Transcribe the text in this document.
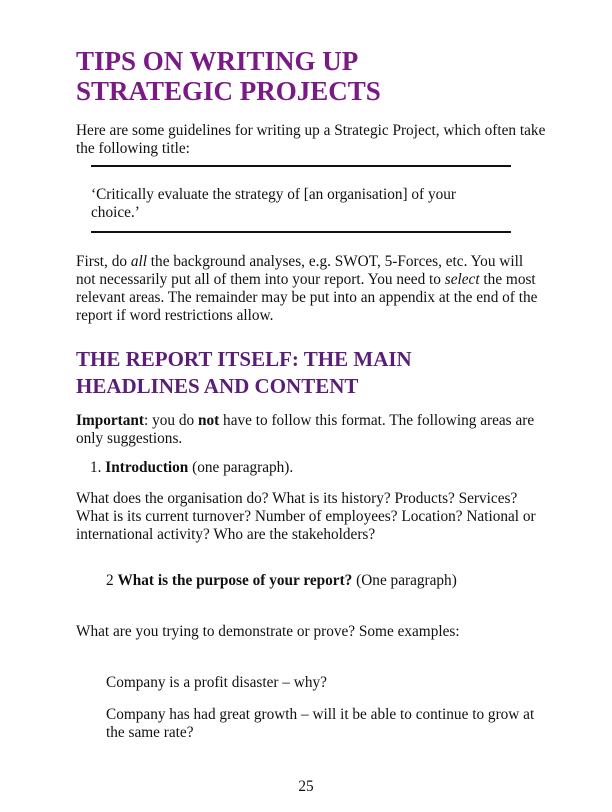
TIPS ON WRITING UP
STRATEGIC PROJECTS
Here are some guidelines for writing up a Strategic Project, which often take the following title:
‘Critically evaluate the strategy of [an organisation] of your
choice.’
First, do all the background analyses, e.g. SWOT, 5-Forces, etc. You will not necessarily put all of them into your report. You need to select the most relevant areas. The remainder may be put into an appendix at the end of the report if word restrictions allow.
THE REPORT ITSELF: THE MAIN
HEADLINES AND CONTENT
Important: you do not have to follow this format. The following areas are only suggestions.
1. Introduction (one paragraph).
What does the organisation do? What is its history? Products? Services? What is its current turnover? Number of employees? Location? National or international activity? Who are the stakeholders?
2 What is the purpose of your report? (One paragraph)
What are you trying to demonstrate or prove? Some examples:
Company is a profit disaster – why?
Company has had great growth – will it be able to continue to grow at the same rate?
25
